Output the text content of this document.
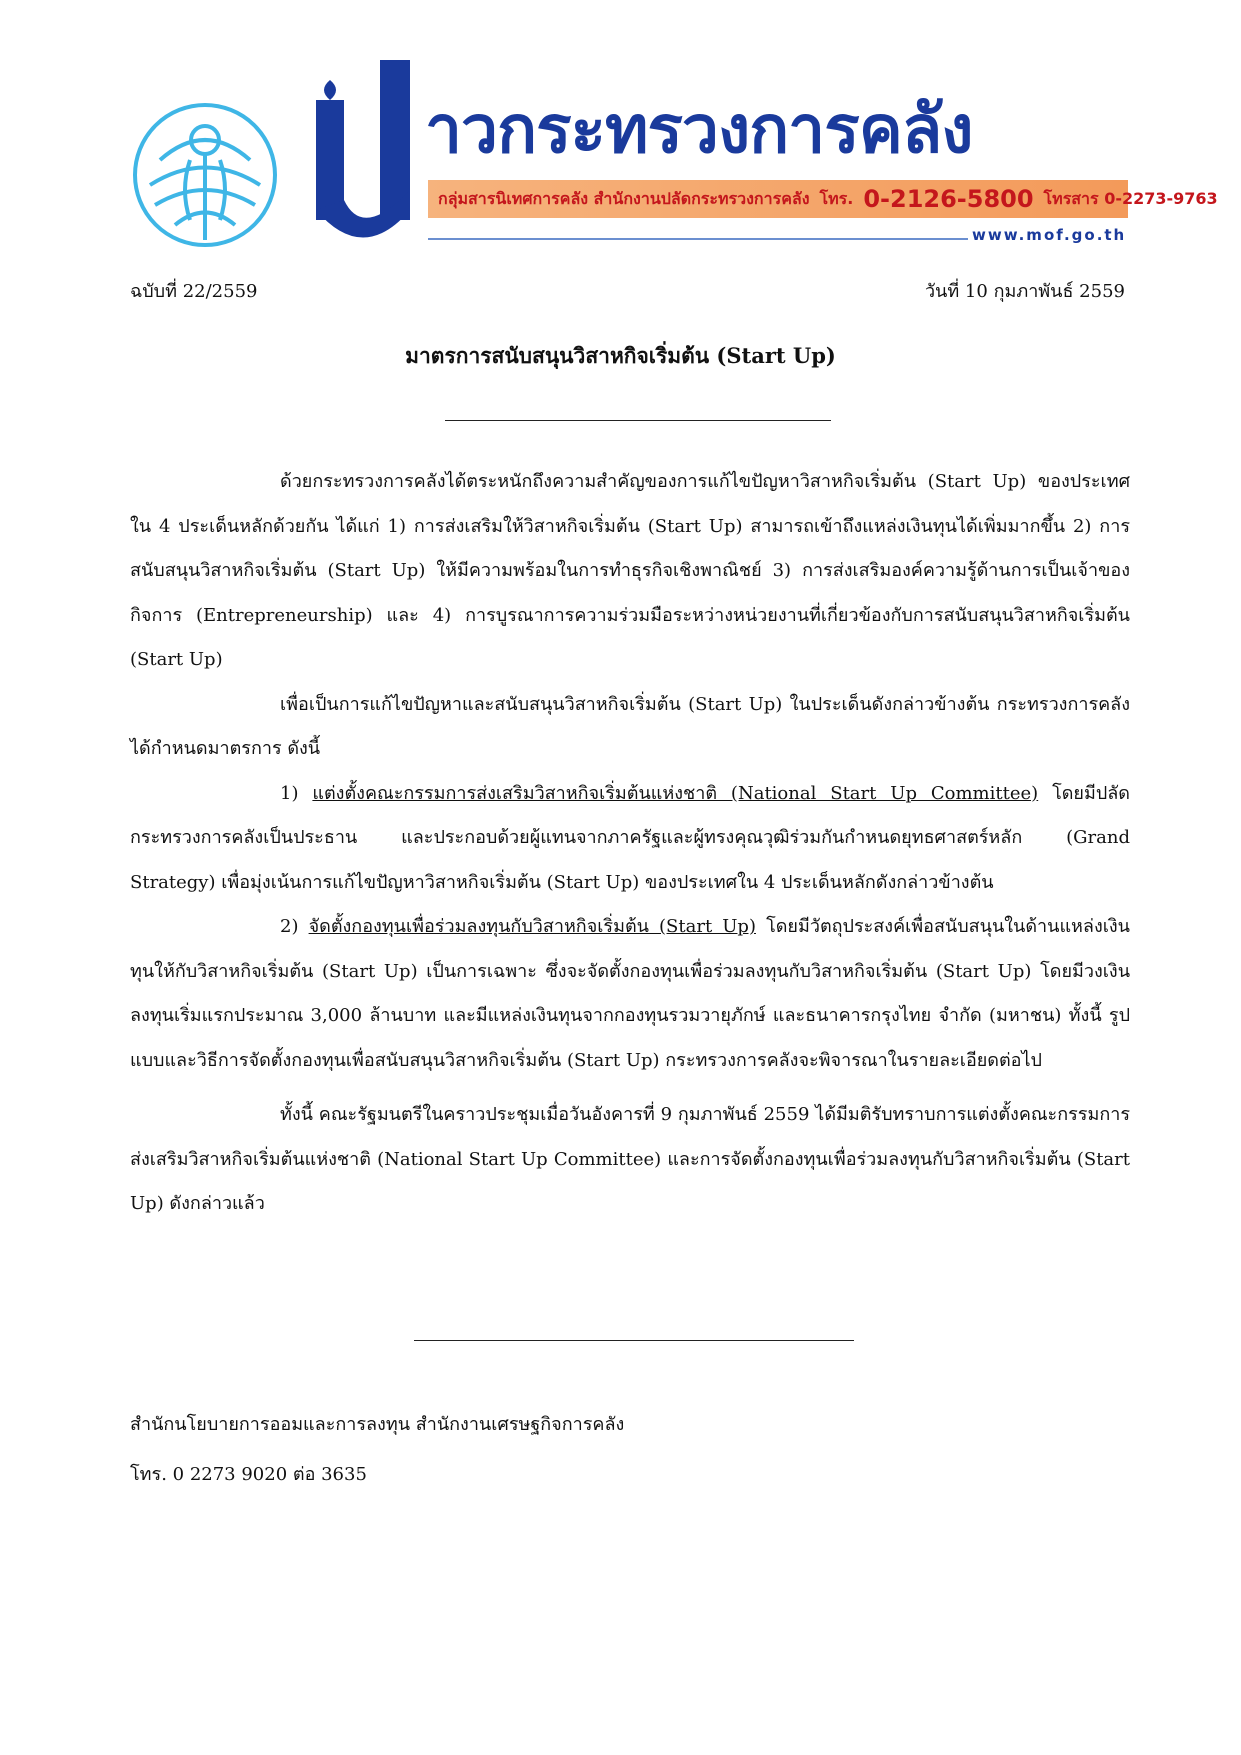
าวกระทรวงการคลัง
กลุ่มสารนิเทศการคลัง สำนักงานปลัดกระทรวงการคลัง โทร. 0-2126-5800 โทรสาร 0-2273-9763
www.mof.go.th
ฉบับที่ 22/2559	วันที่ 10 กุมภาพันธ์ 2559
มาตรการสนับสนุนวิสาหกิจเริ่มต้น (Start Up)

ด้วยกระทรวงการคลังได้ตระหนักถึงความสำคัญของการแก้ไขปัญหาวิสาหกิจเริ่มต้น (Start Up) ของประเทศใน 4 ประเด็นหลักด้วยกัน ได้แก่ 1) การส่งเสริมให้วิสาหกิจเริ่มต้น (Start Up) สามารถเข้าถึงแหล่งเงินทุนได้เพิ่มมากขึ้น 2) การสนับสนุนวิสาหกิจเริ่มต้น (Start Up) ให้มีความพร้อมในการทำธุรกิจเชิงพาณิชย์ 3) การส่งเสริมองค์ความรู้ด้านการเป็นเจ้าของกิจการ (Entrepreneurship) และ 4) การบูรณาการความร่วมมือระหว่างหน่วยงานที่เกี่ยวข้องกับการสนับสนุนวิสาหกิจเริ่มต้น (Start Up)

เพื่อเป็นการแก้ไขปัญหาและสนับสนุนวิสาหกิจเริ่มต้น (Start Up) ในประเด็นดังกล่าวข้างต้น กระทรวงการคลังได้กำหนดมาตรการ ดังนี้

1) แต่งตั้งคณะกรรมการส่งเสริมวิสาหกิจเริ่มต้นแห่งชาติ (National Start Up Committee) โดยมีปลัดกระทรวงการคลังเป็นประธาน และประกอบด้วยผู้แทนจากภาครัฐและผู้ทรงคุณวุฒิร่วมกันกำหนดยุทธศาสตร์หลัก (Grand Strategy) เพื่อมุ่งเน้นการแก้ไขปัญหาวิสาหกิจเริ่มต้น (Start Up) ของประเทศใน 4 ประเด็นหลักดังกล่าวข้างต้น

2) จัดตั้งกองทุนเพื่อร่วมลงทุนกับวิสาหกิจเริ่มต้น (Start Up) โดยมีวัตถุประสงค์เพื่อสนับสนุนในด้านแหล่งเงินทุนให้กับวิสาหกิจเริ่มต้น (Start Up) เป็นการเฉพาะ ซึ่งจะจัดตั้งกองทุนเพื่อร่วมลงทุนกับวิสาหกิจเริ่มต้น (Start Up) โดยมีวงเงินลงทุนเริ่มแรกประมาณ 3,000 ล้านบาท และมีแหล่งเงินทุนจากกองทุนรวมวายุภักษ์ และธนาคารกรุงไทย จำกัด (มหาชน) ทั้งนี้ รูปแบบและวิธีการจัดตั้งกองทุนเพื่อสนับสนุนวิสาหกิจเริ่มต้น (Start Up) กระทรวงการคลังจะพิจารณาในรายละเอียดต่อไป

ทั้งนี้ คณะรัฐมนตรีในคราวประชุมเมื่อวันอังคารที่ 9 กุมภาพันธ์ 2559 ได้มีมติรับทราบการแต่งตั้งคณะกรรมการส่งเสริมวิสาหกิจเริ่มต้นแห่งชาติ (National Start Up Committee) และการจัดตั้งกองทุนเพื่อร่วมลงทุนกับวิสาหกิจเริ่มต้น (Start Up) ดังกล่าวแล้ว

สำนักนโยบายการออมและการลงทุน สำนักงานเศรษฐกิจการคลัง
โทร. 0 2273 9020 ต่อ 3635
